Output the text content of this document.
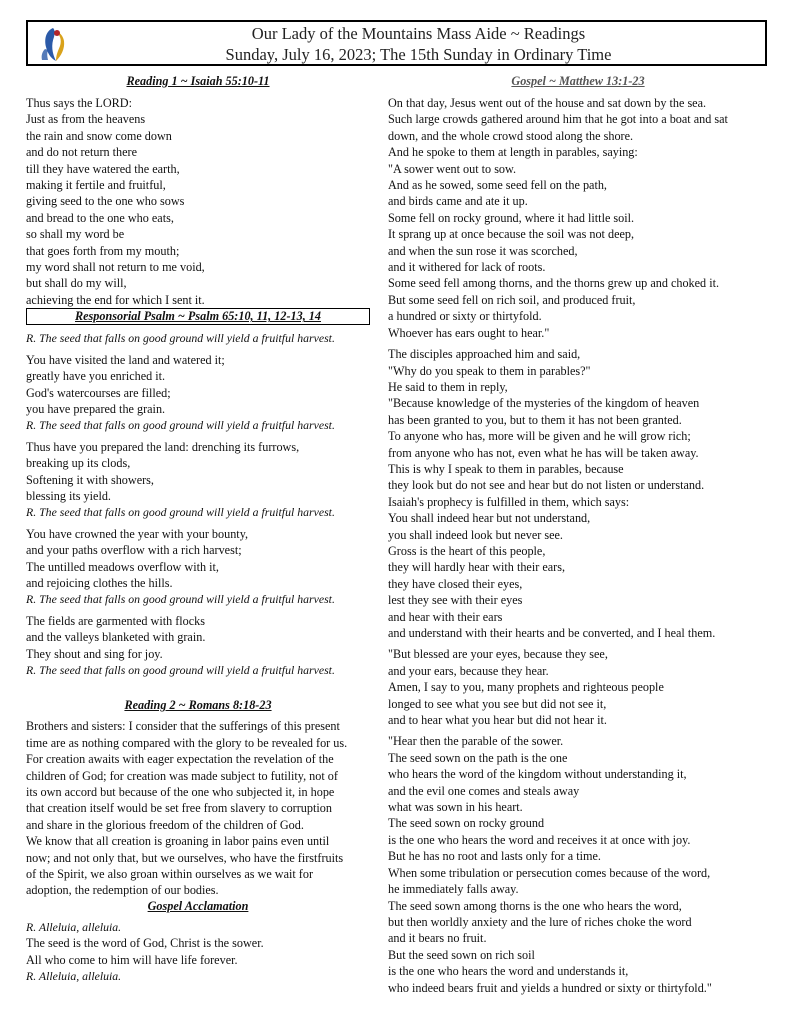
Our Lady of the Mountains Mass Aide ~ Readings
Sunday, July 16, 2023; The 15th Sunday in Ordinary Time
Reading 1 ~ Isaiah 55:10-11
Thus says the LORD:
Just as from the heavens
the rain and snow come down
and do not return there
till they have watered the earth,
making it fertile and fruitful,
giving seed to the one who sows
and bread to the one who eats,
so shall my word be
that goes forth from my mouth;
my word shall not return to me void,
but shall do my will,
achieving the end for which I sent it.
Responsorial Psalm ~ Psalm 65:10, 11, 12-13, 14
R. The seed that falls on good ground will yield a fruitful harvest.
You have visited the land and watered it;
greatly have you enriched it.
God's watercourses are filled;
you have prepared the grain.
R. The seed that falls on good ground will yield a fruitful harvest.
Thus have you prepared the land: drenching its furrows,
breaking up its clods,
Softening it with showers,
blessing its yield.
R. The seed that falls on good ground will yield a fruitful harvest.
You have crowned the year with your bounty,
and your paths overflow with a rich harvest;
The untilled meadows overflow with it,
and rejoicing clothes the hills.
R. The seed that falls on good ground will yield a fruitful harvest.
The fields are garmented with flocks
and the valleys blanketed with grain.
They shout and sing for joy.
R. The seed that falls on good ground will yield a fruitful harvest.
Reading 2 ~ Romans 8:18-23
Brothers and sisters: I consider that the sufferings of this present
time are as nothing compared with the glory to be revealed for us.
For creation awaits with eager expectation the revelation of the
children of God; for creation was made subject to futility, not of
its own accord but because of the one who subjected it, in hope
that creation itself would be set free from slavery to corruption
and share in the glorious freedom of the children of God.
We know that all creation is groaning in labor pains even until
now; and not only that, but we ourselves, who have the firstfruits
of the Spirit, we also groan within ourselves as we wait for
adoption, the redemption of our bodies.
Gospel Acclamation
R. Alleluia, alleluia.
The seed is the word of God, Christ is the sower.
All who come to him will have life forever.
R. Alleluia, alleluia.
Gospel ~ Matthew 13:1-23
On that day, Jesus went out of the house and sat down by the sea.
Such large crowds gathered around him that he got into a boat and sat
down, and the whole crowd stood along the shore.
And he spoke to them at length in parables, saying:
"A sower went out to sow.
And as he sowed, some seed fell on the path,
and birds came and ate it up.
Some fell on rocky ground, where it had little soil.
It sprang up at once because the soil was not deep,
and when the sun rose it was scorched,
and it withered for lack of roots.
Some seed fell among thorns, and the thorns grew up and choked it.
But some seed fell on rich soil, and produced fruit,
a hundred or sixty or thirtyfold.
Whoever has ears ought to hear."
The disciples approached him and said,
"Why do you speak to them in parables?"
He said to them in reply,
"Because knowledge of the mysteries of the kingdom of heaven
has been granted to you, but to them it has not been granted.
To anyone who has, more will be given and he will grow rich;
from anyone who has not, even what he has will be taken away.
This is why I speak to them in parables, because
they look but do not see and hear but do not listen or understand.
Isaiah's prophecy is fulfilled in them, which says:
You shall indeed hear but not understand,
you shall indeed look but never see.
Gross is the heart of this people,
they will hardly hear with their ears,
they have closed their eyes,
lest they see with their eyes
and hear with their ears
and understand with their hearts and be converted, and I heal them.
"But blessed are your eyes, because they see,
and your ears, because they hear.
Amen, I say to you, many prophets and righteous people
longed to see what you see but did not see it,
and to hear what you hear but did not hear it.
"Hear then the parable of the sower.
The seed sown on the path is the one
who hears the word of the kingdom without understanding it,
and the evil one comes and steals away
what was sown in his heart.
The seed sown on rocky ground
is the one who hears the word and receives it at once with joy.
But he has no root and lasts only for a time.
When some tribulation or persecution comes because of the word,
he immediately falls away.
The seed sown among thorns is the one who hears the word,
but then worldly anxiety and the lure of riches choke the word
and it bears no fruit.
But the seed sown on rich soil
is the one who hears the word and understands it,
who indeed bears fruit and yields a hundred or sixty or thirtyfold."
